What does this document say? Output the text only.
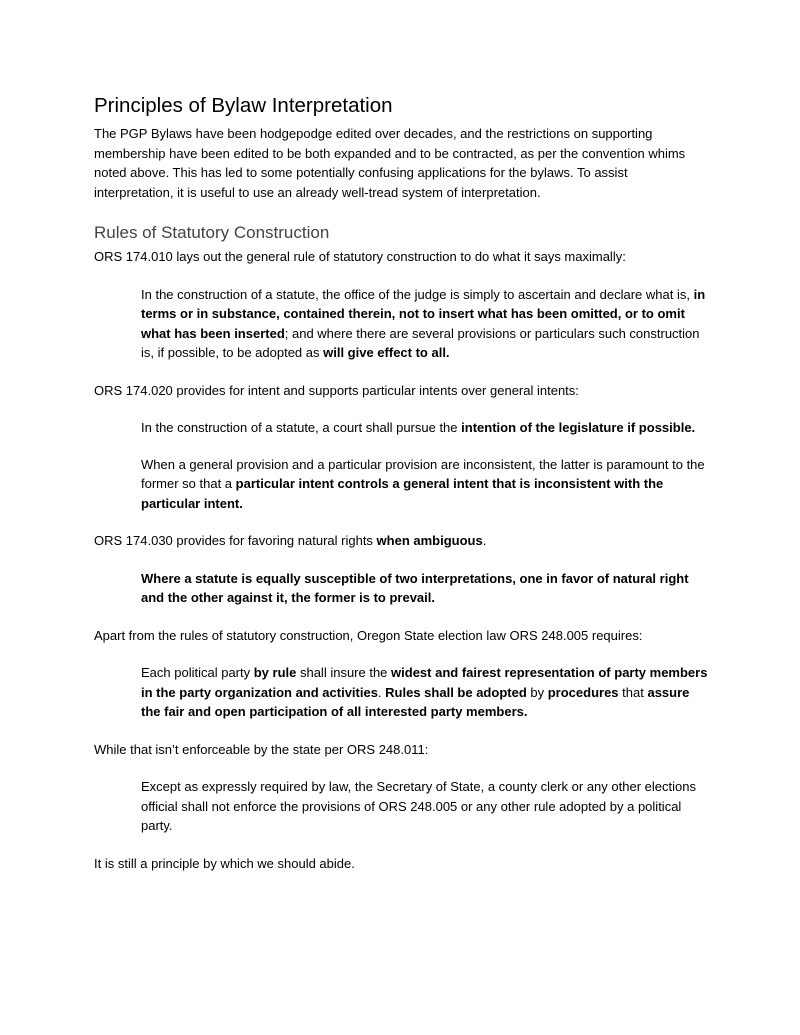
Principles of Bylaw Interpretation

The PGP Bylaws have been hodgepodge edited over decades, and the restrictions on supporting membership have been edited to be both expanded and to be contracted, as per the convention whims noted above. This has led to some potentially confusing applications for the bylaws. To assist interpretation, it is useful to use an already well-tread system of interpretation.

Rules of Statutory Construction

ORS 174.010 lays out the general rule of statutory construction to do what it says maximally:

In the construction of a statute, the office of the judge is simply to ascertain and declare what is, in terms or in substance, contained therein, not to insert what has been omitted, or to omit what has been inserted; and where there are several provisions or particulars such construction is, if possible, to be adopted as will give effect to all.

ORS 174.020 provides for intent and supports particular intents over general intents:

In the construction of a statute, a court shall pursue the intention of the legislature if possible.

When a general provision and a particular provision are inconsistent, the latter is paramount to the former so that a particular intent controls a general intent that is inconsistent with the particular intent.

ORS 174.030 provides for favoring natural rights when ambiguous.

Where a statute is equally susceptible of two interpretations, one in favor of natural right and the other against it, the former is to prevail.

Apart from the rules of statutory construction, Oregon State election law ORS 248.005 requires:

Each political party by rule shall insure the widest and fairest representation of party members in the party organization and activities. Rules shall be adopted by procedures that assure the fair and open participation of all interested party members.

While that isn’t enforceable by the state per ORS 248.011:

Except as expressly required by law, the Secretary of State, a county clerk or any other elections official shall not enforce the provisions of ORS 248.005 or any other rule adopted by a political party.

It is still a principle by which we should abide.
